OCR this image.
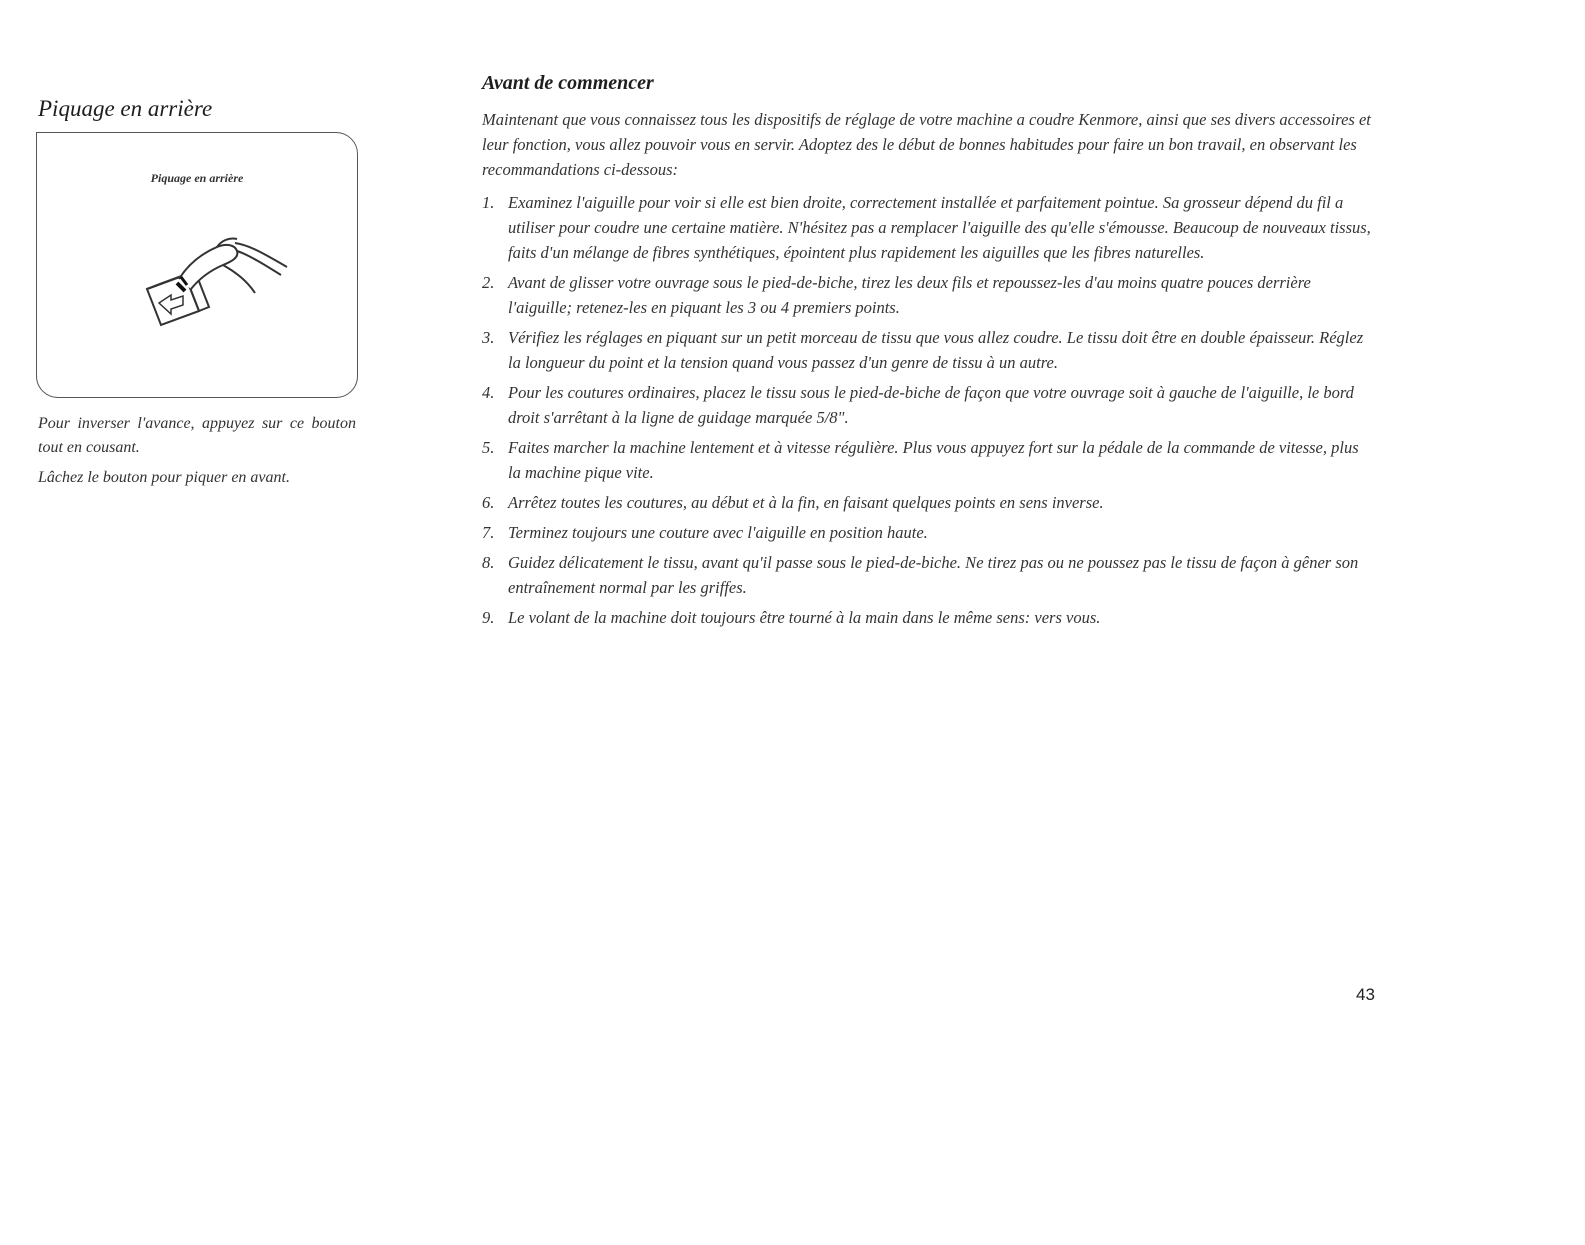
Piquage en arrière
Piquage en arrière

Pour inverser l'avance, appuyez sur ce bouton tout en cousant.

Lâchez le bouton pour piquer en avant.

Avant de commencer

Maintenant que vous connaissez tous les dispositifs de réglage de votre machine a coudre Kenmore, ainsi que ses divers accessoires et leur fonction, vous allez pouvoir vous en servir. Adoptez des le début de bonnes habitudes pour faire un bon travail, en observant les recommandations ci-dessous:

1. Examinez l'aiguille pour voir si elle est bien droite, correctement installée et parfaitement pointue. Sa grosseur dépend du fil a utiliser pour coudre une certaine matière. N'hésitez pas a remplacer l'aiguille des qu'elle s'émousse. Beaucoup de nouveaux tissus, faits d'un mélange de fibres synthétiques, épointent plus rapidement les aiguilles que les fibres naturelles.
2. Avant de glisser votre ouvrage sous le pied-de-biche, tirez les deux fils et repoussez-les d'au moins quatre pouces derrière l'aiguille; retenez-les en piquant les 3 ou 4 premiers points.
3. Vérifiez les réglages en piquant sur un petit morceau de tissu que vous allez coudre. Le tissu doit être en double épaisseur. Réglez la longueur du point et la tension quand vous passez d'un genre de tissu à un autre.
4. Pour les coutures ordinaires, placez le tissu sous le pied-de-biche de façon que votre ouvrage soit à gauche de l'aiguille, le bord droit s'arrêtant à la ligne de guidage marquée 5/8".
5. Faites marcher la machine lentement et à vitesse régulière. Plus vous appuyez fort sur la pédale de la commande de vitesse, plus la machine pique vite.
6. Arrêtez toutes les coutures, au début et à la fin, en faisant quelques points en sens inverse.
7. Terminez toujours une couture avec l'aiguille en position haute.
8. Guidez délicatement le tissu, avant qu'il passe sous le pied-de-biche. Ne tirez pas ou ne poussez pas le tissu de façon à gêner son entraînement normal par les griffes.
9. Le volant de la machine doit toujours être tourné à la main dans le même sens: vers vous.
43
